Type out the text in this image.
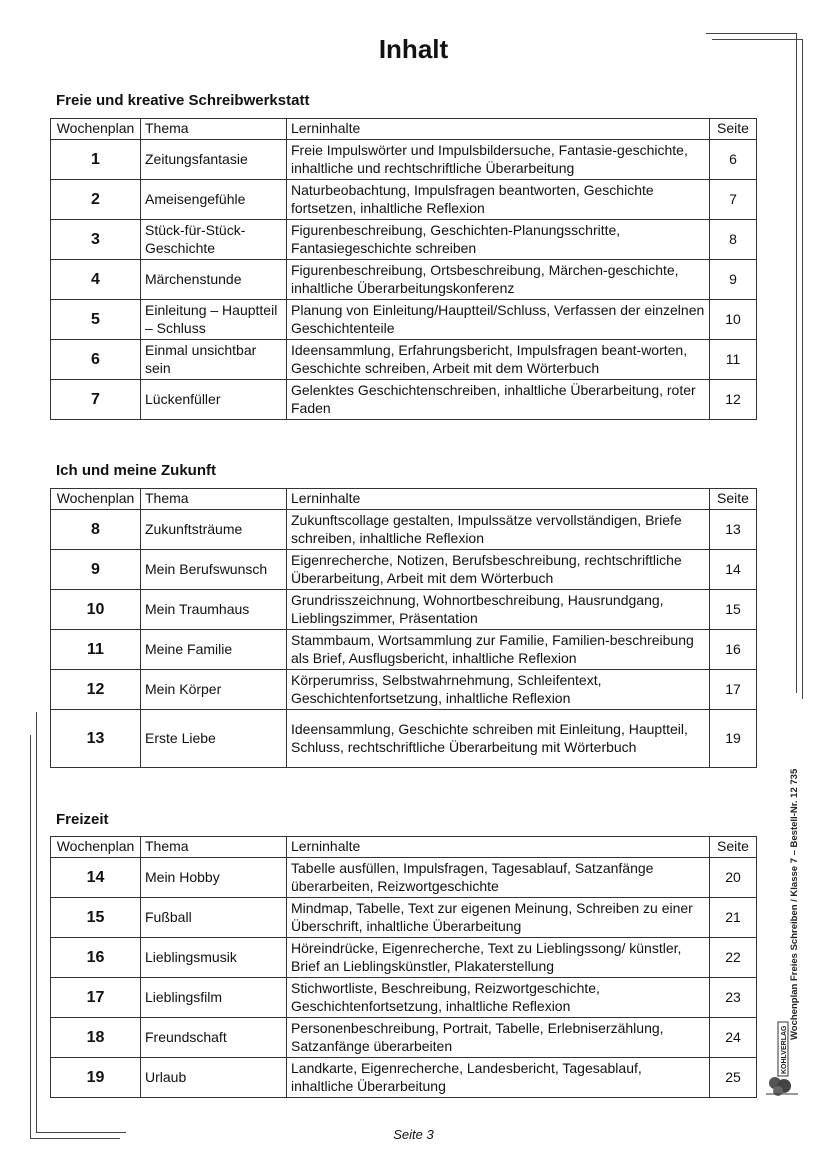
Inhalt
Freie und kreative Schreibwerkstatt
Wochenplan	Thema	Lerninhalte	Seite
1	Zeitungsfantasie	Freie Impulswörter und Impulsbildersuche, Fantasie-geschichte, inhaltliche und rechtschriftliche Überarbeitung	6
2	Ameisengefühle	Naturbeobachtung, Impulsfragen beantworten, Geschichte fortsetzen, inhaltliche Reflexion	7
3	Stück-für-Stück-Geschichte	Figurenbeschreibung, Geschichten-Planungsschritte, Fantasiegeschichte schreiben	8
4	Märchenstunde	Figurenbeschreibung, Ortsbeschreibung, Märchen-geschichte, inhaltliche Überarbeitungskonferenz	9
5	Einleitung – Hauptteil – Schluss	Planung von Einleitung/Hauptteil/Schluss, Verfassen der einzelnen Geschichtenteile	10
6	Einmal unsichtbar sein	Ideensammlung, Erfahrungsbericht, Impulsfragen beant-worten, Geschichte schreiben, Arbeit mit dem Wörterbuch	11
7	Lückenfüller	Gelenktes Geschichtenschreiben, inhaltliche Überarbeitung, roter Faden	12
Ich und meine Zukunft
Wochenplan	Thema	Lerninhalte	Seite
8	Zukunftsträume	Zukunftscollage gestalten, Impulssätze vervollständigen, Briefe schreiben, inhaltliche Reflexion	13
9	Mein Berufswunsch	Eigenrecherche, Notizen, Berufsbeschreibung, rechtschriftliche Überarbeitung, Arbeit mit dem Wörterbuch	14
10	Mein Traumhaus	Grundrisszeichnung, Wohnortbeschreibung, Hausrundgang, Lieblingszimmer, Präsentation	15
11	Meine Familie	Stammbaum, Wortsammlung zur Familie, Familien-beschreibung als Brief, Ausflugsbericht, inhaltliche Reflexion	16
12	Mein Körper	Körperumriss, Selbstwahrnehmung, Schleifentext, Geschichtenfortsetzung, inhaltliche Reflexion	17
13	Erste Liebe	Ideensammlung, Geschichte schreiben mit Einleitung, Hauptteil, Schluss, rechtschriftliche Überarbeitung mit Wörterbuch	19
Freizeit
Wochenplan	Thema	Lerninhalte	Seite
14	Mein Hobby	Tabelle ausfüllen, Impulsfragen, Tagesablauf, Satzanfänge überarbeiten, Reizwortgeschichte	20
15	Fußball	Mindmap, Tabelle, Text zur eigenen Meinung, Schreiben zu einer Überschrift, inhaltliche Überarbeitung	21
16	Lieblingsmusik	Höreindrücke, Eigenrecherche, Text zu Lieblingssong/ künstler, Brief an Lieblingskünstler, Plakaterstellung	22
17	Lieblingsfilm	Stichwortliste, Beschreibung, Reizwortgeschichte, Geschichtenfortsetzung, inhaltliche Reflexion	23
18	Freundschaft	Personenbeschreibung, Portrait, Tabelle, Erlebniserzählung, Satzanfänge überarbeiten	24
19	Urlaub	Landkarte, Eigenrecherche, Landesbericht, Tagesablauf, inhaltliche Überarbeitung	25
Wochenplan Freies Schreiben / Klasse 7 – Bestell-Nr. 12 735
KOHLVERLAG
Seite 3
